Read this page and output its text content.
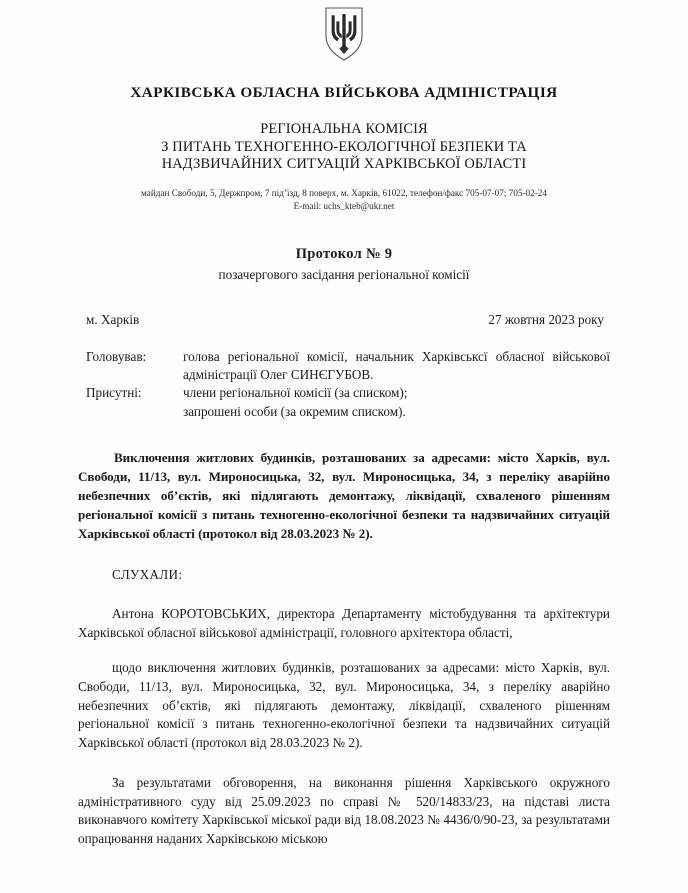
ХАРКІВСЬКА ОБЛАСНА ВІЙСЬКОВА АДМІНІСТРАЦІЯ
РЕГІОНАЛЬНА КОМІСІЯ
З ПИТАНЬ ТЕХНОГЕННО-ЕКОЛОГІЧНОЇ БЕЗПЕКИ ТА
НАДЗВИЧАЙНИХ СИТУАЦІЙ ХАРКІВСЬКОЇ ОБЛАСТІ
майдан Свободи, 5, Держпром, 7 під’їзд, 8 поверх, м. Харків, 61022, телефон/факс 705-07-07; 705-02-24
E-mail: uchs_kteb@ukr.net
Протокол № 9
позачергового засідання регіональної комісії
м. Харків	27 жовтня 2023 року
Головував:	голова регіональної комісії, начальник Харківськсї обласної військової адміністрації Олег СИНЄГУБОВ.
Присутні:	члени регіональної комісії (за списком);
запрошені особи (за окремим списком).

Виключення житлових будинків, розташованих за адресами: місто Харків, вул. Свободи, 11/13, вул. Мироносицька, 32, вул. Мироносицька, 34, з переліку аварійно небезпечних об’єктів, які підлягають демонтажу, ліквідації, схваленого рішенням регіональної комісії з питань техногенно-екологічної безпеки та надзвичайних ситуацій Харківської області (протокол від 28.03.2023 № 2).

СЛУХАЛИ:

Антона КОРОТОВСЬКИХ, директора Департаменту містобудування та архітектури Харківської обласної військової адміністрації, головного архітектора області,

щодо виключення житлових будинків, розташованих за адресами: місто Харків, вул. Свободи, 11/13, вул. Мироносицька, 32, вул. Мироносицька, 34, з переліку аварійно небезпечних об’єктів, які підлягають демонтажу, ліквідації, схваленого рішенням регіональної комісії з питань техногенно-екологічної безпеки та надзвичайних ситуацій Харківської області (протокол від 28.03.2023 № 2).

За результатами обговорення, на виконання рішення Харківського окружного адміністративного суду від 25.09.2023 по справі № 520/14833/23, на підставі листа виконавчого комітету Харківської міської ради від 18.08.2023 № 4436/0/90-23, за результатами опрацювання наданих Харківською міською
